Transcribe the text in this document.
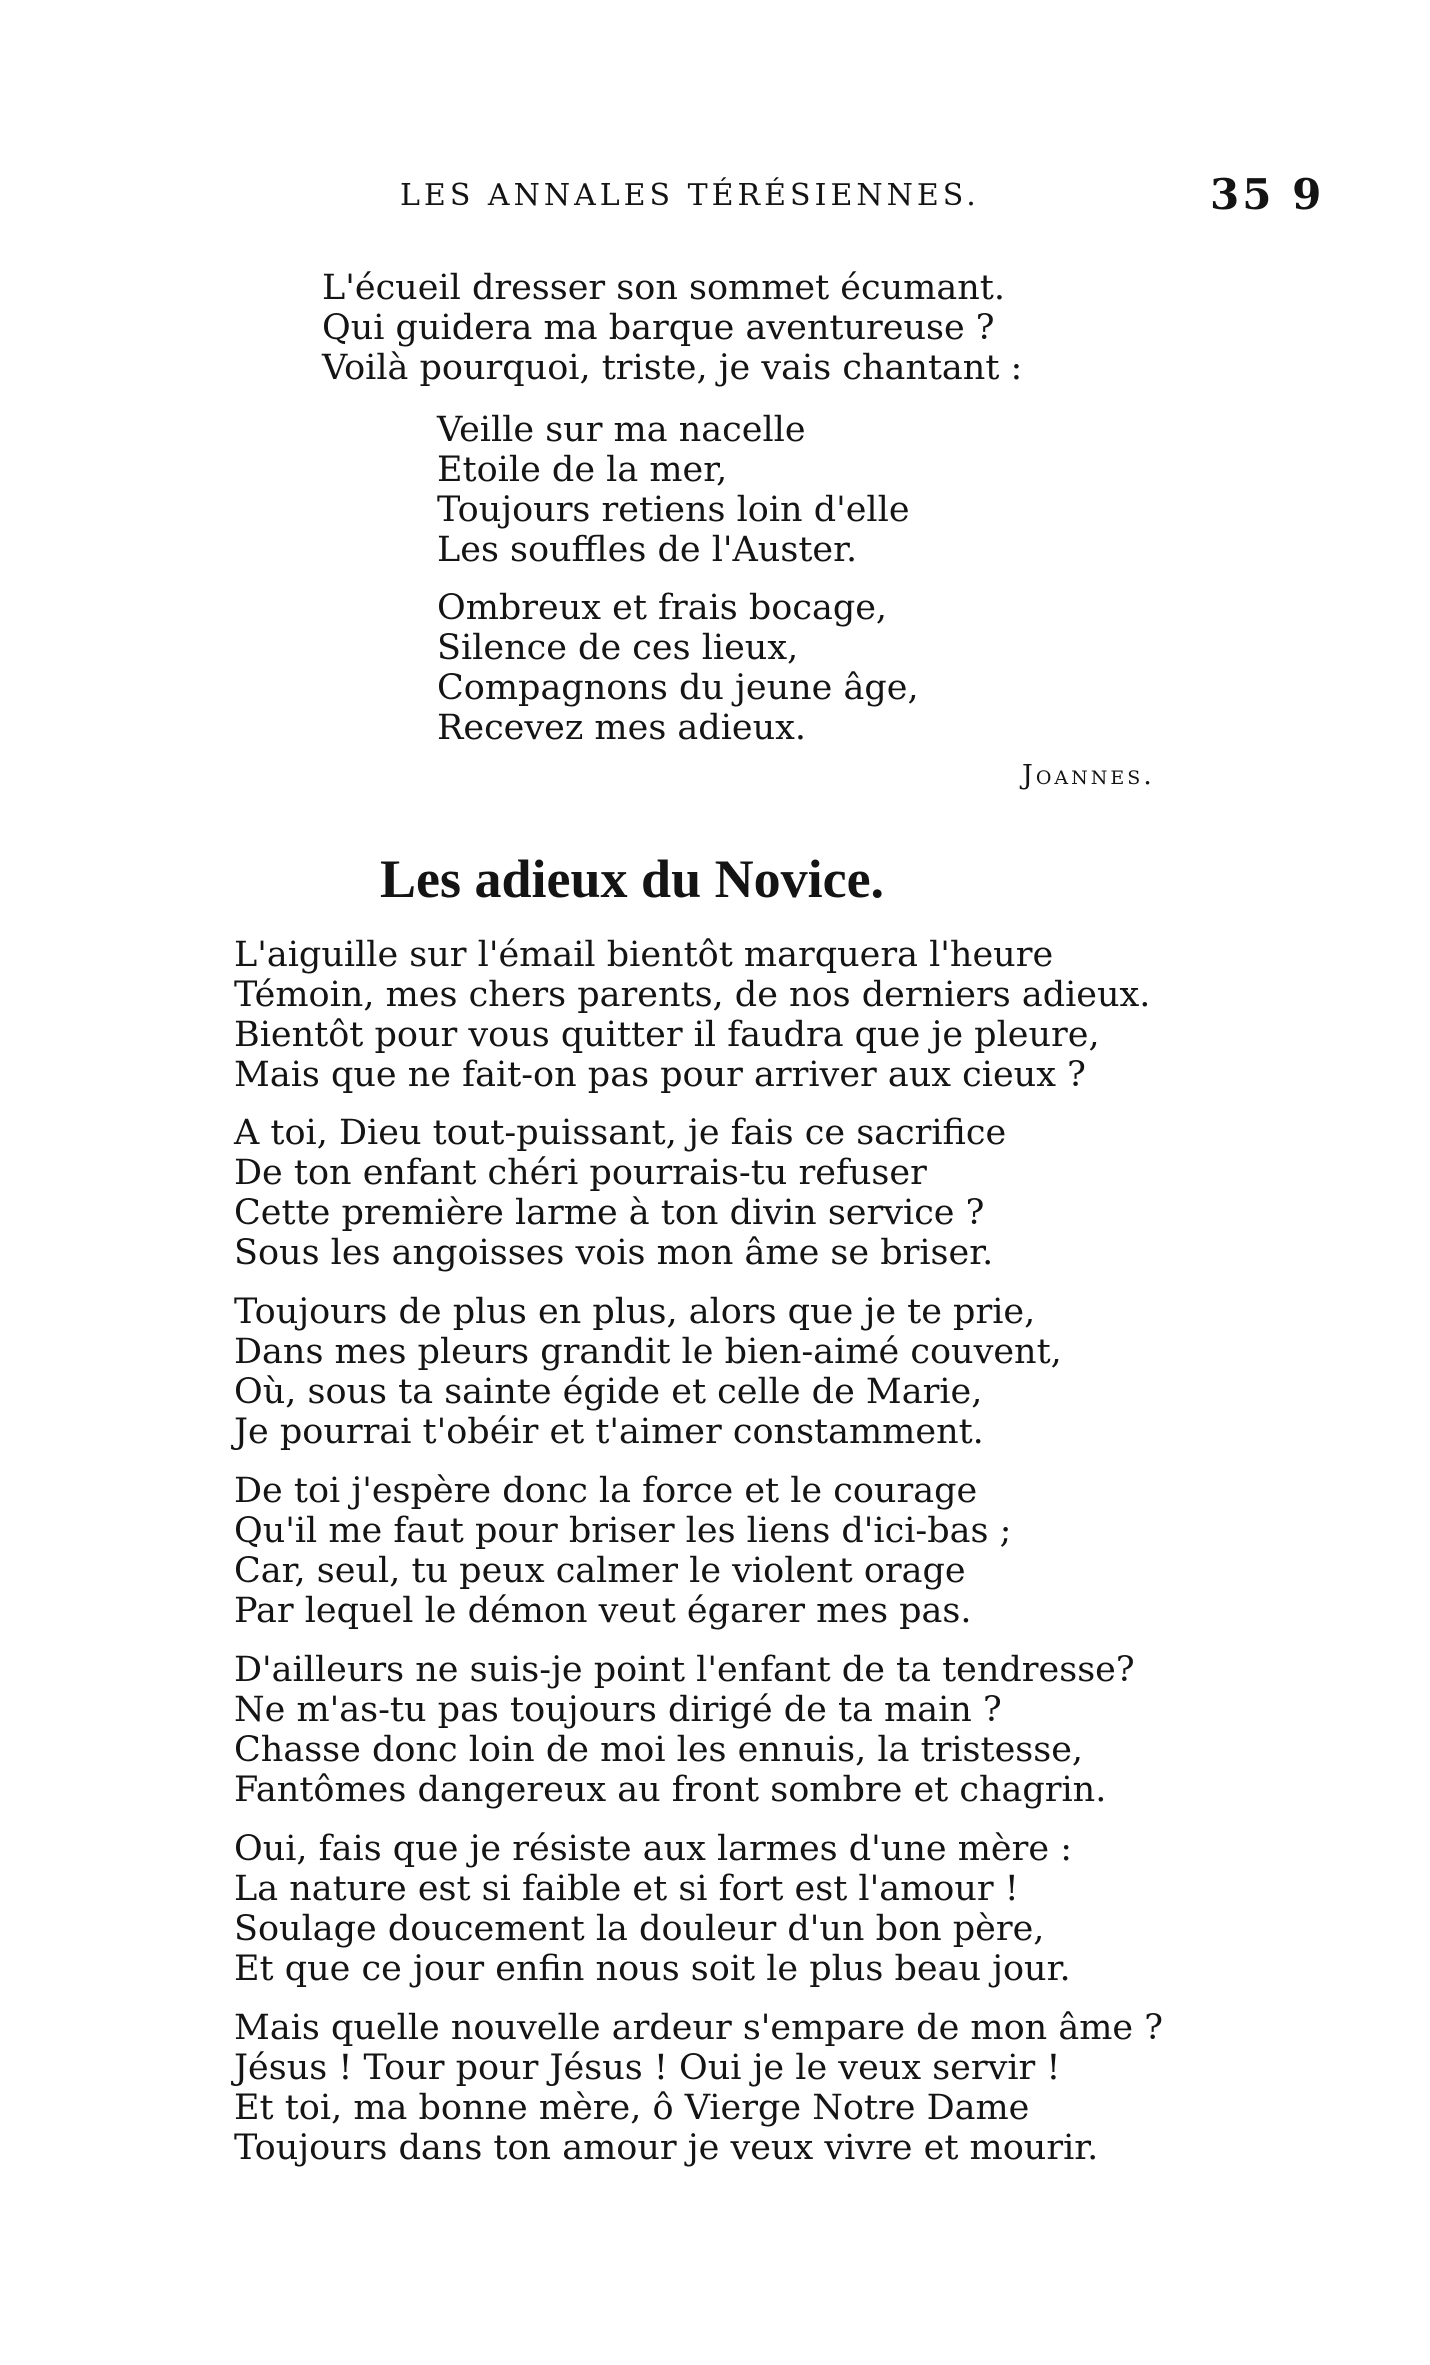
LES ANNALES TÉRÉSIENNES.	35 9
L'écueil dresser son sommet écumant.
Qui guidera ma barque aventureuse ?
Voilà pourquoi, triste, je vais chantant :
Veille sur ma nacelle
Etoile de la mer,
Toujours retiens loin d'elle
Les souffles de l'Auster.
Ombreux et frais bocage,
Silence de ces lieux,
Compagnons du jeune âge,
Recevez mes adieux.
Joannes.
Les adieux du Novice.
L'aiguille sur l'émail bientôt marquera l'heure
Témoin, mes chers parents, de nos derniers adieux.
Bientôt pour vous quitter il faudra que je pleure,
Mais que ne fait-on pas pour arriver aux cieux ?
A toi, Dieu tout-puissant, je fais ce sacrifice
De ton enfant chéri pourrais-tu refuser
Cette première larme à ton divin service ?
Sous les angoisses vois mon âme se briser.
Toujours de plus en plus, alors que je te prie,
Dans mes pleurs grandit le bien-aimé couvent,
Où, sous ta sainte égide et celle de Marie,
Je pourrai t'obéir et t'aimer constamment.
De toi j'espère donc la force et le courage
Qu'il me faut pour briser les liens d'ici-bas ;
Car, seul, tu peux calmer le violent orage
Par lequel le démon veut égarer mes pas.
D'ailleurs ne suis-je point l'enfant de ta tendresse?
Ne m'as-tu pas toujours dirigé de ta main ?
Chasse donc loin de moi les ennuis, la tristesse,
Fantômes dangereux au front sombre et chagrin.
Oui, fais que je résiste aux larmes d'une mère :
La nature est si faible et si fort est l'amour !
Soulage doucement la douleur d'un bon père,
Et que ce jour enfin nous soit le plus beau jour.
Mais quelle nouvelle ardeur s'empare de mon âme ?
Jésus ! Tour pour Jésus ! Oui je le veux servir !
Et toi, ma bonne mère, ô Vierge Notre Dame
Toujours dans ton amour je veux vivre et mourir.
